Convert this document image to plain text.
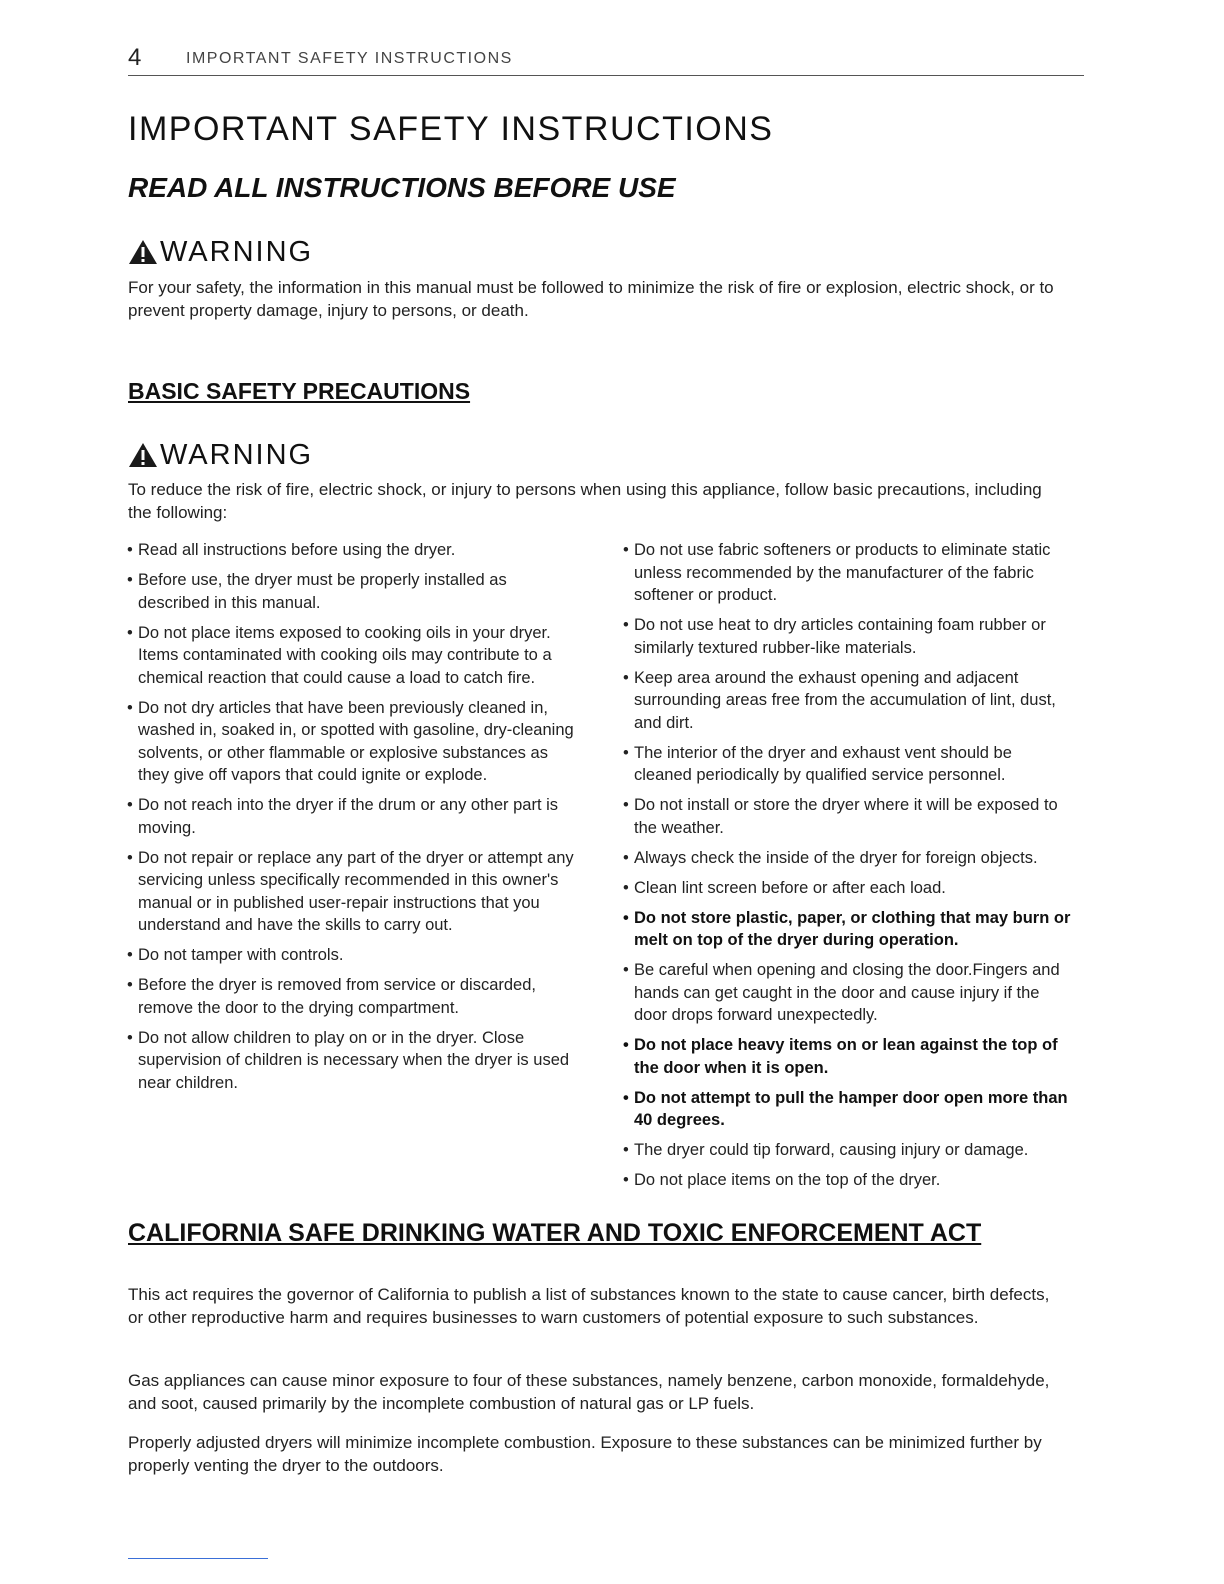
4	IMPORTANT SAFETY INSTRUCTIONS
IMPORTANT SAFETY INSTRUCTIONS
READ ALL INSTRUCTIONS BEFORE USE
WARNING

For your safety, the information in this manual must be followed to minimize the risk of fire or explosion, electric shock, or to prevent property damage, injury to persons, or death.

BASIC SAFETY PRECAUTIONS
WARNING

To reduce the risk of fire, electric shock, or injury to persons when using this appliance, follow basic precautions, including the following:

• Read all instructions before using the dryer.
• Before use, the dryer must be properly installed as described in this manual.
• Do not place items exposed to cooking oils in your dryer. Items contaminated with cooking oils may contribute to a chemical reaction that could cause a load to catch fire.
• Do not dry articles that have been previously cleaned in, washed in, soaked in, or spotted with gasoline, dry-cleaning solvents, or other flammable or explosive substances as they give off vapors that could ignite or explode.
• Do not reach into the dryer if the drum or any other part is moving.
• Do not repair or replace any part of the dryer or attempt any servicing unless specifically recommended in this owner's manual or in published user-repair instructions that you understand and have the skills to carry out.
• Do not tamper with controls.
• Before the dryer is removed from service or discarded, remove the door to the drying compartment.
• Do not allow children to play on or in the dryer. Close supervision of children is necessary when the dryer is used near children.
• Do not use fabric softeners or products to eliminate static unless recommended by the manufacturer of the fabric softener or product.
• Do not use heat to dry articles containing foam rubber or similarly textured rubber-like materials.
• Keep area around the exhaust opening and adjacent surrounding areas free from the accumulation of lint, dust, and dirt.
• The interior of the dryer and exhaust vent should be cleaned periodically by qualified service personnel.
• Do not install or store the dryer where it will be exposed to the weather.
• Always check the inside of the dryer for foreign objects.
• Clean lint screen before or after each load.
• Do not store plastic, paper, or clothing that may burn or melt on top of the dryer during operation.
• Be careful when opening and closing the door.Fingers and hands can get caught in the door and cause injury if the door drops forward unexpectedly.
• Do not place heavy items on or lean against the top of the door when it is open.
• Do not attempt to pull the hamper door open more than 40 degrees.
• The dryer could tip forward, causing injury or damage.
• Do not place items on the top of the dryer.
CALIFORNIA SAFE DRINKING WATER AND TOXIC ENFORCEMENT ACT

This act requires the governor of California to publish a list of substances known to the state to cause cancer, birth defects, or other reproductive harm and requires businesses to warn customers of potential exposure to such substances.

Gas appliances can cause minor exposure to four of these substances, namely benzene, carbon monoxide, formaldehyde, and soot, caused primarily by the incomplete combustion of natural gas or LP fuels.

Properly adjusted dryers will minimize incomplete combustion. Exposure to these substances can be minimized further by properly venting the dryer to the outdoors.
